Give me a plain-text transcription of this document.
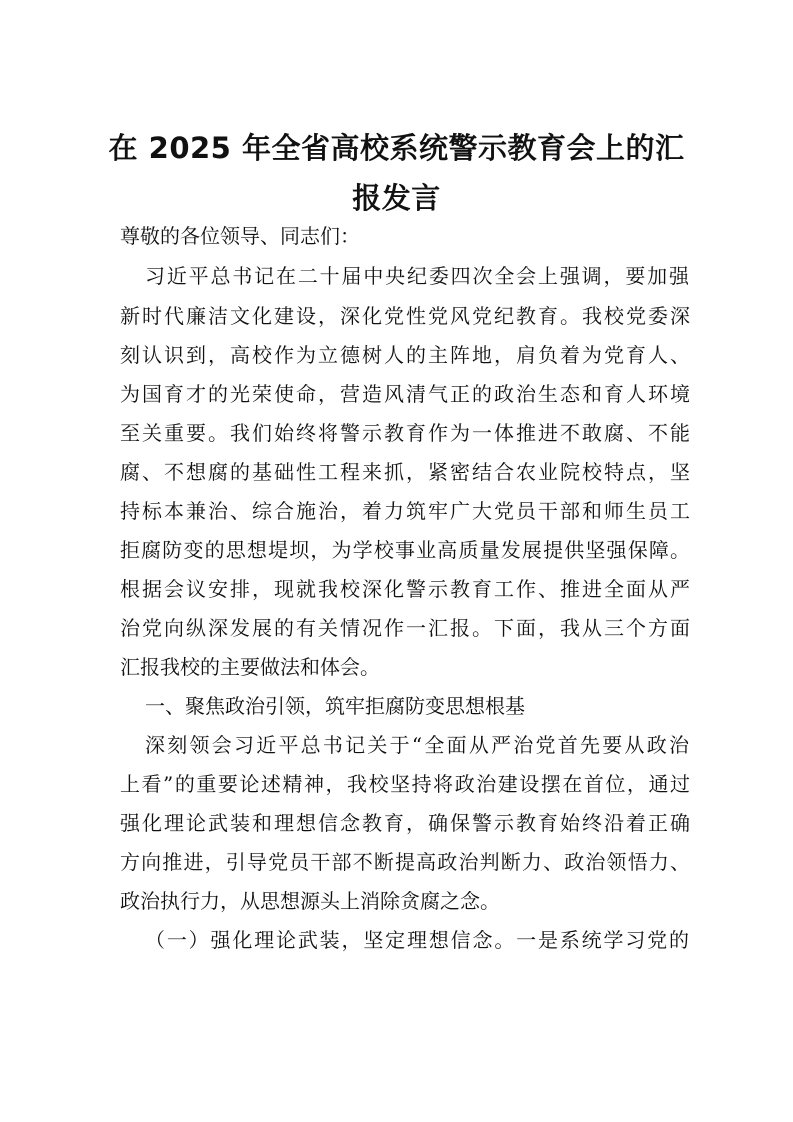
在 2025 年全省高校系统警示教育会上的汇
报发言

尊敬的各位领导、同志们：

习近平总书记在二十届中央纪委四次全会上强调，要加强

新时代廉洁文化建设，深化党性党风党纪教育。我校党委深

刻认识到，高校作为立德树人的主阵地，肩负着为党育人、

为国育才的光荣使命，营造风清气正的政治生态和育人环境

至关重要。我们始终将警示教育作为一体推进不敢腐、不能

腐、不想腐的基础性工程来抓，紧密结合农业院校特点，坚

持标本兼治、综合施治，着力筑牢广大党员干部和师生员工

拒腐防变的思想堤坝，为学校事业高质量发展提供坚强保障。

根据会议安排，现就我校深化警示教育工作、推进全面从严

治党向纵深发展的有关情况作一汇报。下面，我从三个方面

汇报我校的主要做法和体会。

一、聚焦政治引领，筑牢拒腐防变思想根基

深刻领会习近平总书记关于“全面从严治党首先要从政治

上看”的重要论述精神，我校坚持将政治建设摆在首位，通过

强化理论武装和理想信念教育，确保警示教育始终沿着正确

方向推进，引导党员干部不断提高政治判断力、政治领悟力、

政治执行力，从思想源头上消除贪腐之念。

（一）强化理论武装，坚定理想信念。一是系统学习党的
